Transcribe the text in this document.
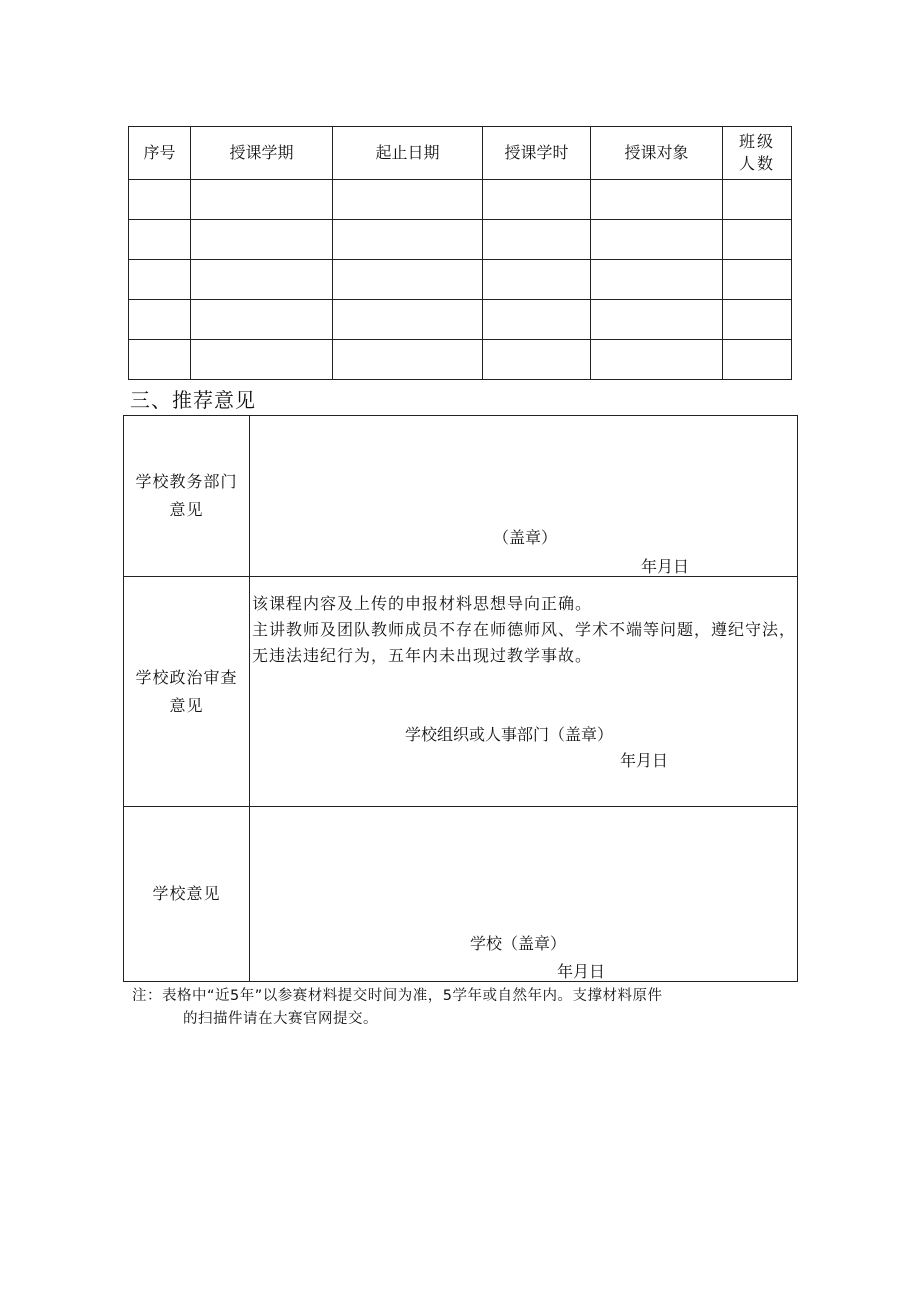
序号	授课学期	起止日期	授课学时	授课对象	班级人数

三、推荐意见
学校教务部门意见	（盖章）
年月日

学校政治审查意见	该课程内容及上传的申报材料思想导向正确。
主讲教师及团队教师成员不存在师德师风、学术不端等问题，遵纪守法，无违法违纪行为，五年内未出现过教学事故。
学校组织或人事部门（盖章）
年月日

学校意见	学校（盖章）
年月日
注：表格中“近5年”以参赛材料提交时间为准，5学年或自然年内。支撑材料原件
的扫描件请在大赛官网提交。
